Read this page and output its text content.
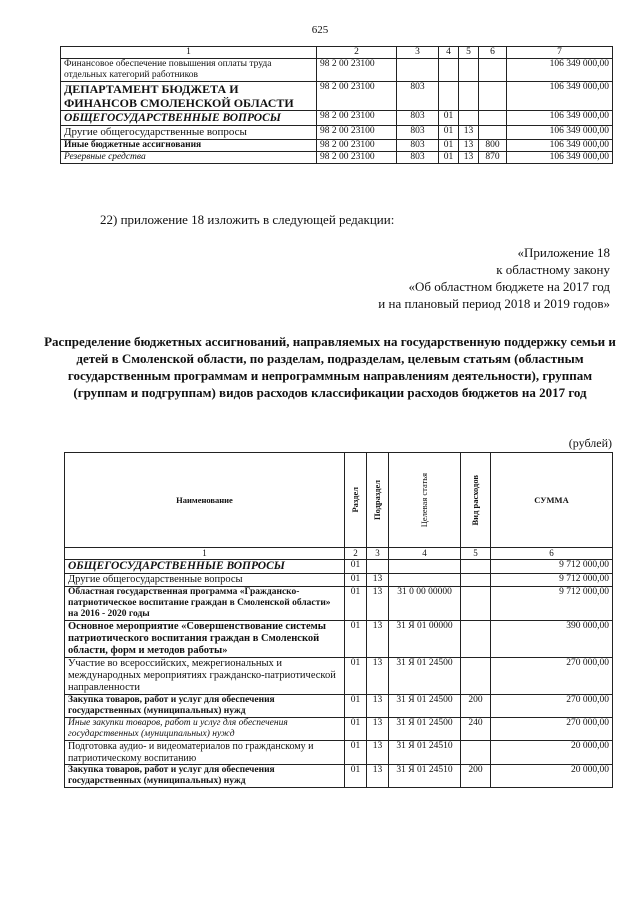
625
1	2	3	4	5	6	7
Финансовое обеспечение повышения оплаты труда отдельных категорий работников	98 2 00 23100					106 349 000,00
ДЕПАРТАМЕНТ БЮДЖЕТА И ФИНАНСОВ СМОЛЕНСКОЙ ОБЛАСТИ	98 2 00 23100	803				106 349 000,00
ОБЩЕГОСУДАРСТВЕННЫЕ ВОПРОСЫ	98 2 00 23100	803	01			106 349 000,00
Другие общегосударственные вопросы	98 2 00 23100	803	01	13		106 349 000,00
Иные бюджетные ассигнования	98 2 00 23100	803	01	13	800	106 349 000,00
Резервные средства	98 2 00 23100	803	01	13	870	106 349 000,00
22) приложение 18 изложить в следующей редакции:
«Приложение 18
к областному закону
«Об областном бюджете на 2017 год
и на плановый период 2018 и 2019 годов»
Распределение бюджетных ассигнований, направляемых на государственную поддержку семьи и детей в Смоленской области, по разделам, подразделам, целевым статьям (областным государственным программам и непрограммным направлениям деятельности), группам (группам и подгруппам) видов расходов классификации расходов бюджетов на 2017 год
(рублей)
Наименование	Раздел	Подраздел	Целевая статья	Вид расходов	СУММА
1	2	3	4	5	6
ОБЩЕГОСУДАРСТВЕННЫЕ ВОПРОСЫ	01				9 712 000,00
Другие общегосударственные вопросы	01	13			9 712 000,00
Областная государственная программа «Гражданско-патриотическое воспитание граждан в Смоленской области» на 2016 - 2020 годы	01	13	31 0 00 00000		9 712 000,00
Основное мероприятие «Совершенствование системы патриотического воспитания граждан в Смоленской области, форм и методов работы»	01	13	31 Я 01 00000		390 000,00
Участие во всероссийских, межрегиональных и международных мероприятиях гражданско-патриотической направленности	01	13	31 Я 01 24500		270 000,00
Закупка товаров, работ и услуг для обеспечения государственных (муниципальных) нужд	01	13	31 Я 01 24500	200	270 000,00
Иные закупки товаров, работ и услуг для обеспечения государственных (муниципальных) нужд	01	13	31 Я 01 24500	240	270 000,00
Подготовка аудио- и видеоматериалов по гражданскому и патриотическому воспитанию	01	13	31 Я 01 24510		20 000,00
Закупка товаров, работ и услуг для обеспечения государственных (муниципальных) нужд	01	13	31 Я 01 24510	200	20 000,00
